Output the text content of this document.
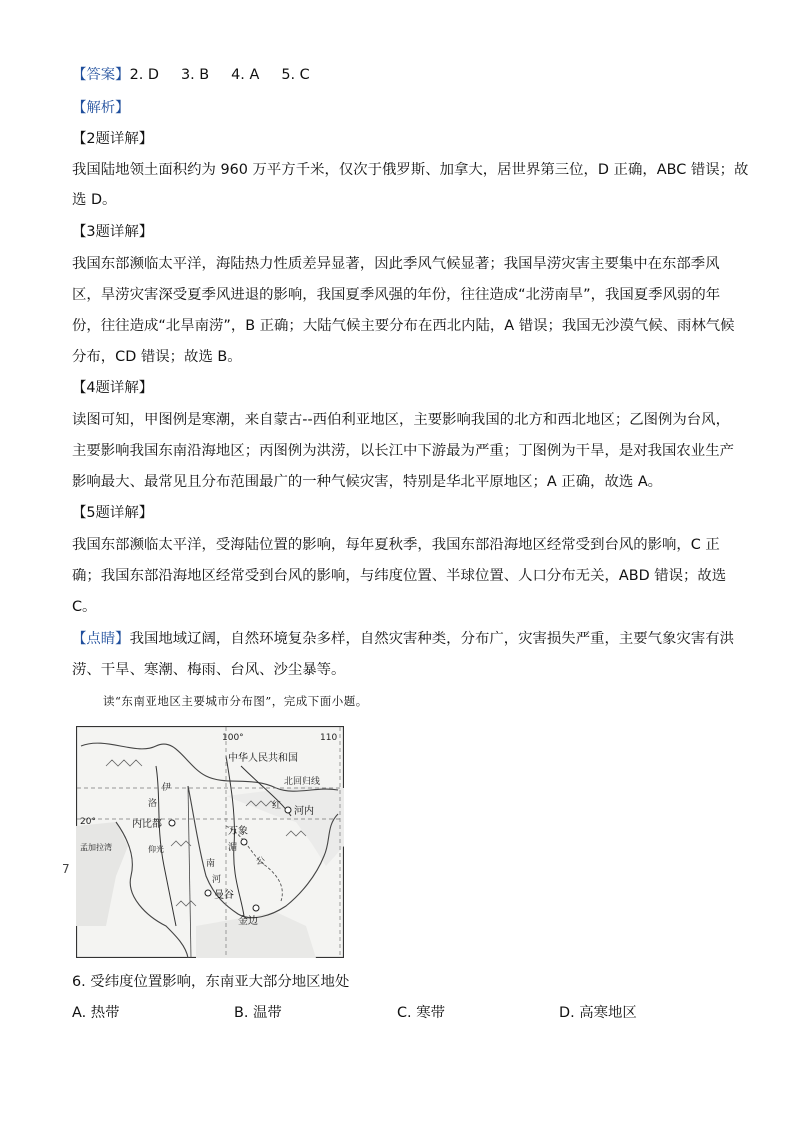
【答案】2. D 3. B 4. A 5. C
【解析】
【2题详解】
我国陆地领土面积约为 960 万平方千米，仅次于俄罗斯、加拿大，居世界第三位，D 正确，ABC 错误；故
选 D。
【3题详解】
我国东部濒临太平洋，海陆热力性质差异显著，因此季风气候显著；我国旱涝灾害主要集中在东部季风
区，旱涝灾害深受夏季风进退的影响，我国夏季风强的年份，往往造成“北涝南旱”，我国夏季风弱的年
份，往往造成“北旱南涝”，B 正确；大陆气候主要分布在西北内陆，A 错误；我国无沙漠气候、雨林气候
分布，CD 错误；故选 B。
【4题详解】
读图可知，甲图例是寒潮，来自蒙古--西伯利亚地区，主要影响我国的北方和西北地区；乙图例为台风，
主要影响我国东南沿海地区；丙图例为洪涝，以长江中下游最为严重；丁图例为干旱，是对我国农业生产
影响最大、最常见且分布范围最广的一种气候灾害，特别是华北平原地区；A 正确，故选 A。
【5题详解】
我国东部濒临太平洋，受海陆位置的影响，每年夏秋季，我国东部沿海地区经常受到台风的影响，C 正
确；我国东部沿海地区经常受到台风的影响，与纬度位置、半球位置、人口分布无关，ABD 错误；故选
C。
【点睛】我国地域辽阔，自然环境复杂多样，自然灾害种类，分布广，灾害损失严重，主要气象灾害有洪
涝、干旱、寒潮、梅雨、台风、沙尘暴等。
读“东南亚地区主要城市分布图”，完成下面小题。
100°	110
中华人民共和国
北回归线
20°
伊
洛
内比都
孟加拉湾	仰光
红 河内
万象
湄
南	公
河
曼谷
金边
7
6. 受纬度位置影响，东南亚大部分地区地处
A. 热带	B. 温带	C. 寒带	D. 高寒地区
